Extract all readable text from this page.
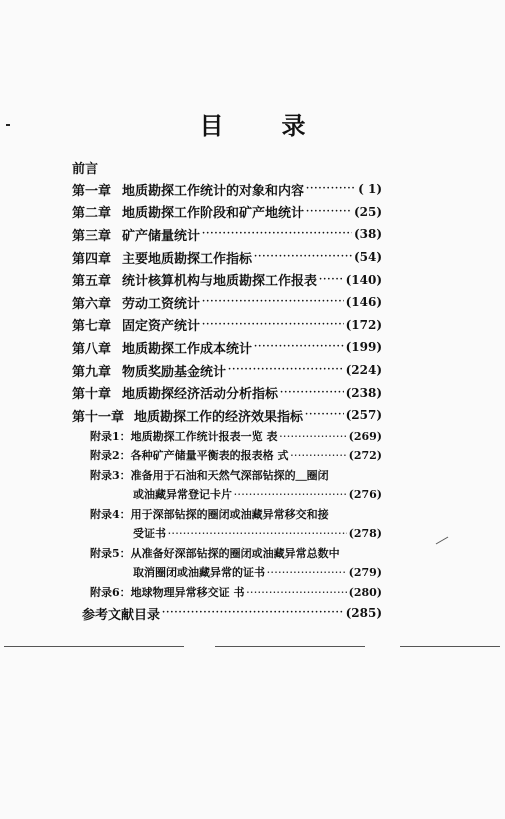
目 录
前言
第一章 地质勘探工作统计的对象和内容 ·····	( 1)
第二章 地质勘探工作阶段和矿产地统计 ·····	(25)
第三章 矿产储量统计 ·····	(38)
第四章 主要地质勘探工作指标 ·····	(54)
第五章 统计核算机构与地质勘探工作报表 ····· (140)
第六章 劳动工资统计 ·····	(146)
第七章 固定资产统计 ·····	(172)
第八章 地质勘探工作成本统计 ·····	(199)
第九章 物质奖励基金统计 ·····	(224)
第十章 地质勘探经济活动分析指标 ·····	(238)
第十一章 地质勘探工作的经济效果指标 ·····	(257)
附录1： 地质勘探工作统计报表一览 表 ·····	(269)
附录2： 各种矿产储量平衡表的报表格 式 ·····	(272)
附录3：准备用于石油和天然气深部钻探的＿圈闭
或油藏异常登记卡片 ·····	(276)
附录4：用于深部钻探的圈闭或油藏异常移交和接
受证书 ·····	(278)
附录5：从准备好深部钻探的圈闭或油藏异常总数中
取消圈闭或油藏异常的证书 ·····	(279)
附录6： 地球物理异常移交证 书 ·····	(280)
参考文献目录 ·····	(285)
